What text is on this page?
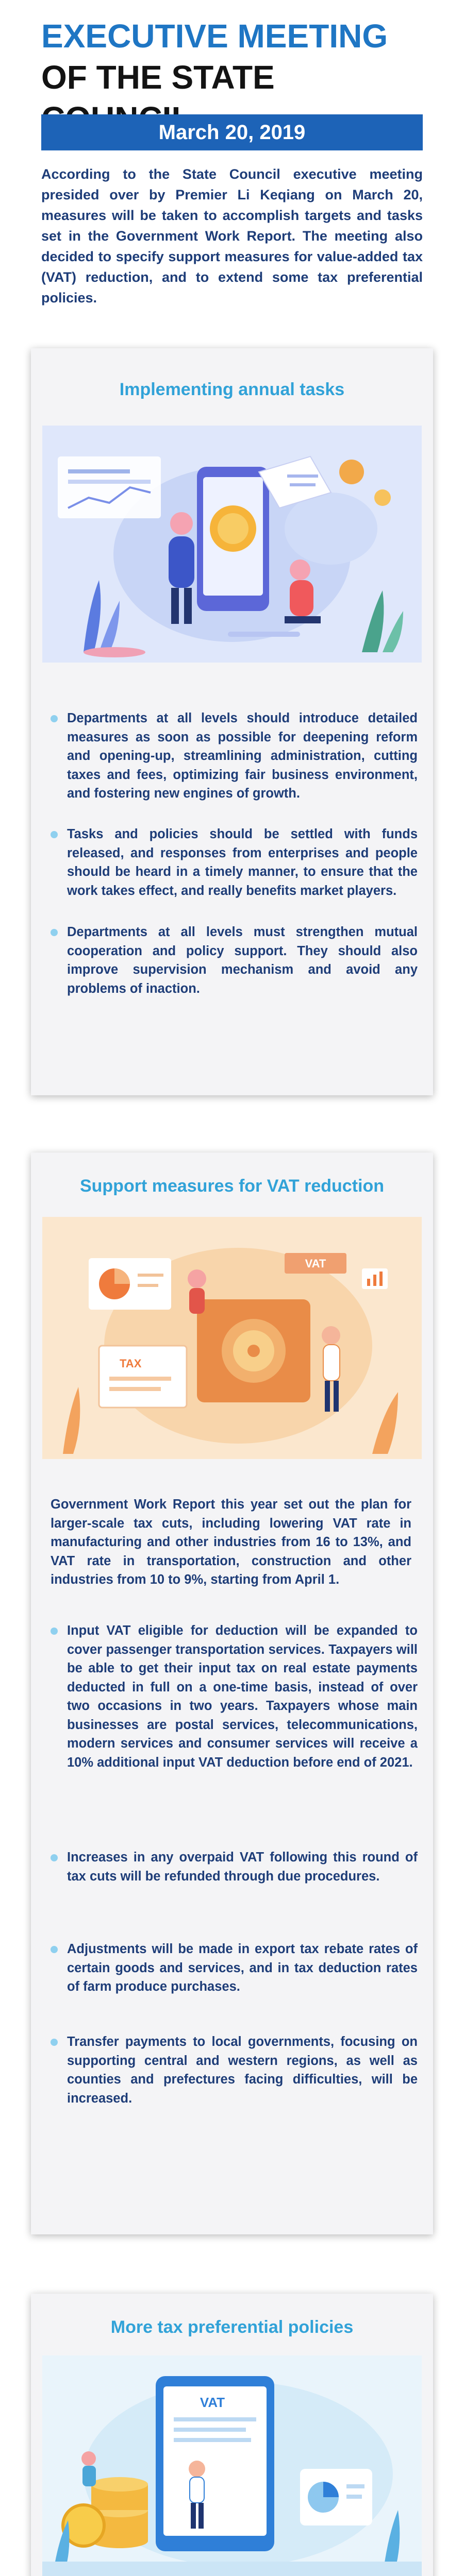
EXECUTIVE MEETING
OF THE STATE
March 20, 2019
According to the State Council executive meeting presided over by Premier Li Keqiang on March 20, measures will be taken to accomplish targets and tasks set in the Government Work Report. The meeting also decided to specify support measures for value-added tax (VAT) reduction, and to extend some tax preferential policies.
Implementing annual tasks
Departments at all levels should introduce detailed measures as soon as possible for deepening reform and opening-up, streamlining administration, cutting taxes and fees, optimizing fair business environment, and fostering new engines of growth.
Tasks and policies should be settled with funds released, and responses from enterprises and people should be heard in a timely manner, to ensure that the work takes effect, and really benefits market players.
Departments at all levels must strengthen mutual cooperation and policy support. They should also improve supervision mechanism and avoid any problems of inaction.
Support measures for VAT reduction
VAT
TAX
Government Work Report this year set out the plan for larger-scale tax cuts, including lowering VAT rate in manufacturing and other industries from 16 to 13%, and VAT rate in transportation, construction and other industries from 10 to 9%, starting from April 1.
Input VAT eligible for deduction will be expanded to cover passenger transportation services. Taxpayers will be able to get their input tax on real estate payments deducted in full on a one-time basis, instead of over two occasions in two years. Taxpayers whose main businesses are postal services, telecommunications, modern services and consumer services will receive a 10% additional input VAT deduction before end of 2021.
Increases in any overpaid VAT following this round of tax cuts will be refunded through due procedures.
Adjustments will be made in export tax rebate rates of certain goods and services, and in tax deduction rates of farm produce purchases.
Transfer payments to local governments, focusing on supporting central and western regions, as well as counties and prefectures facing difficulties, will be increased.
More tax preferential policies
VAT
